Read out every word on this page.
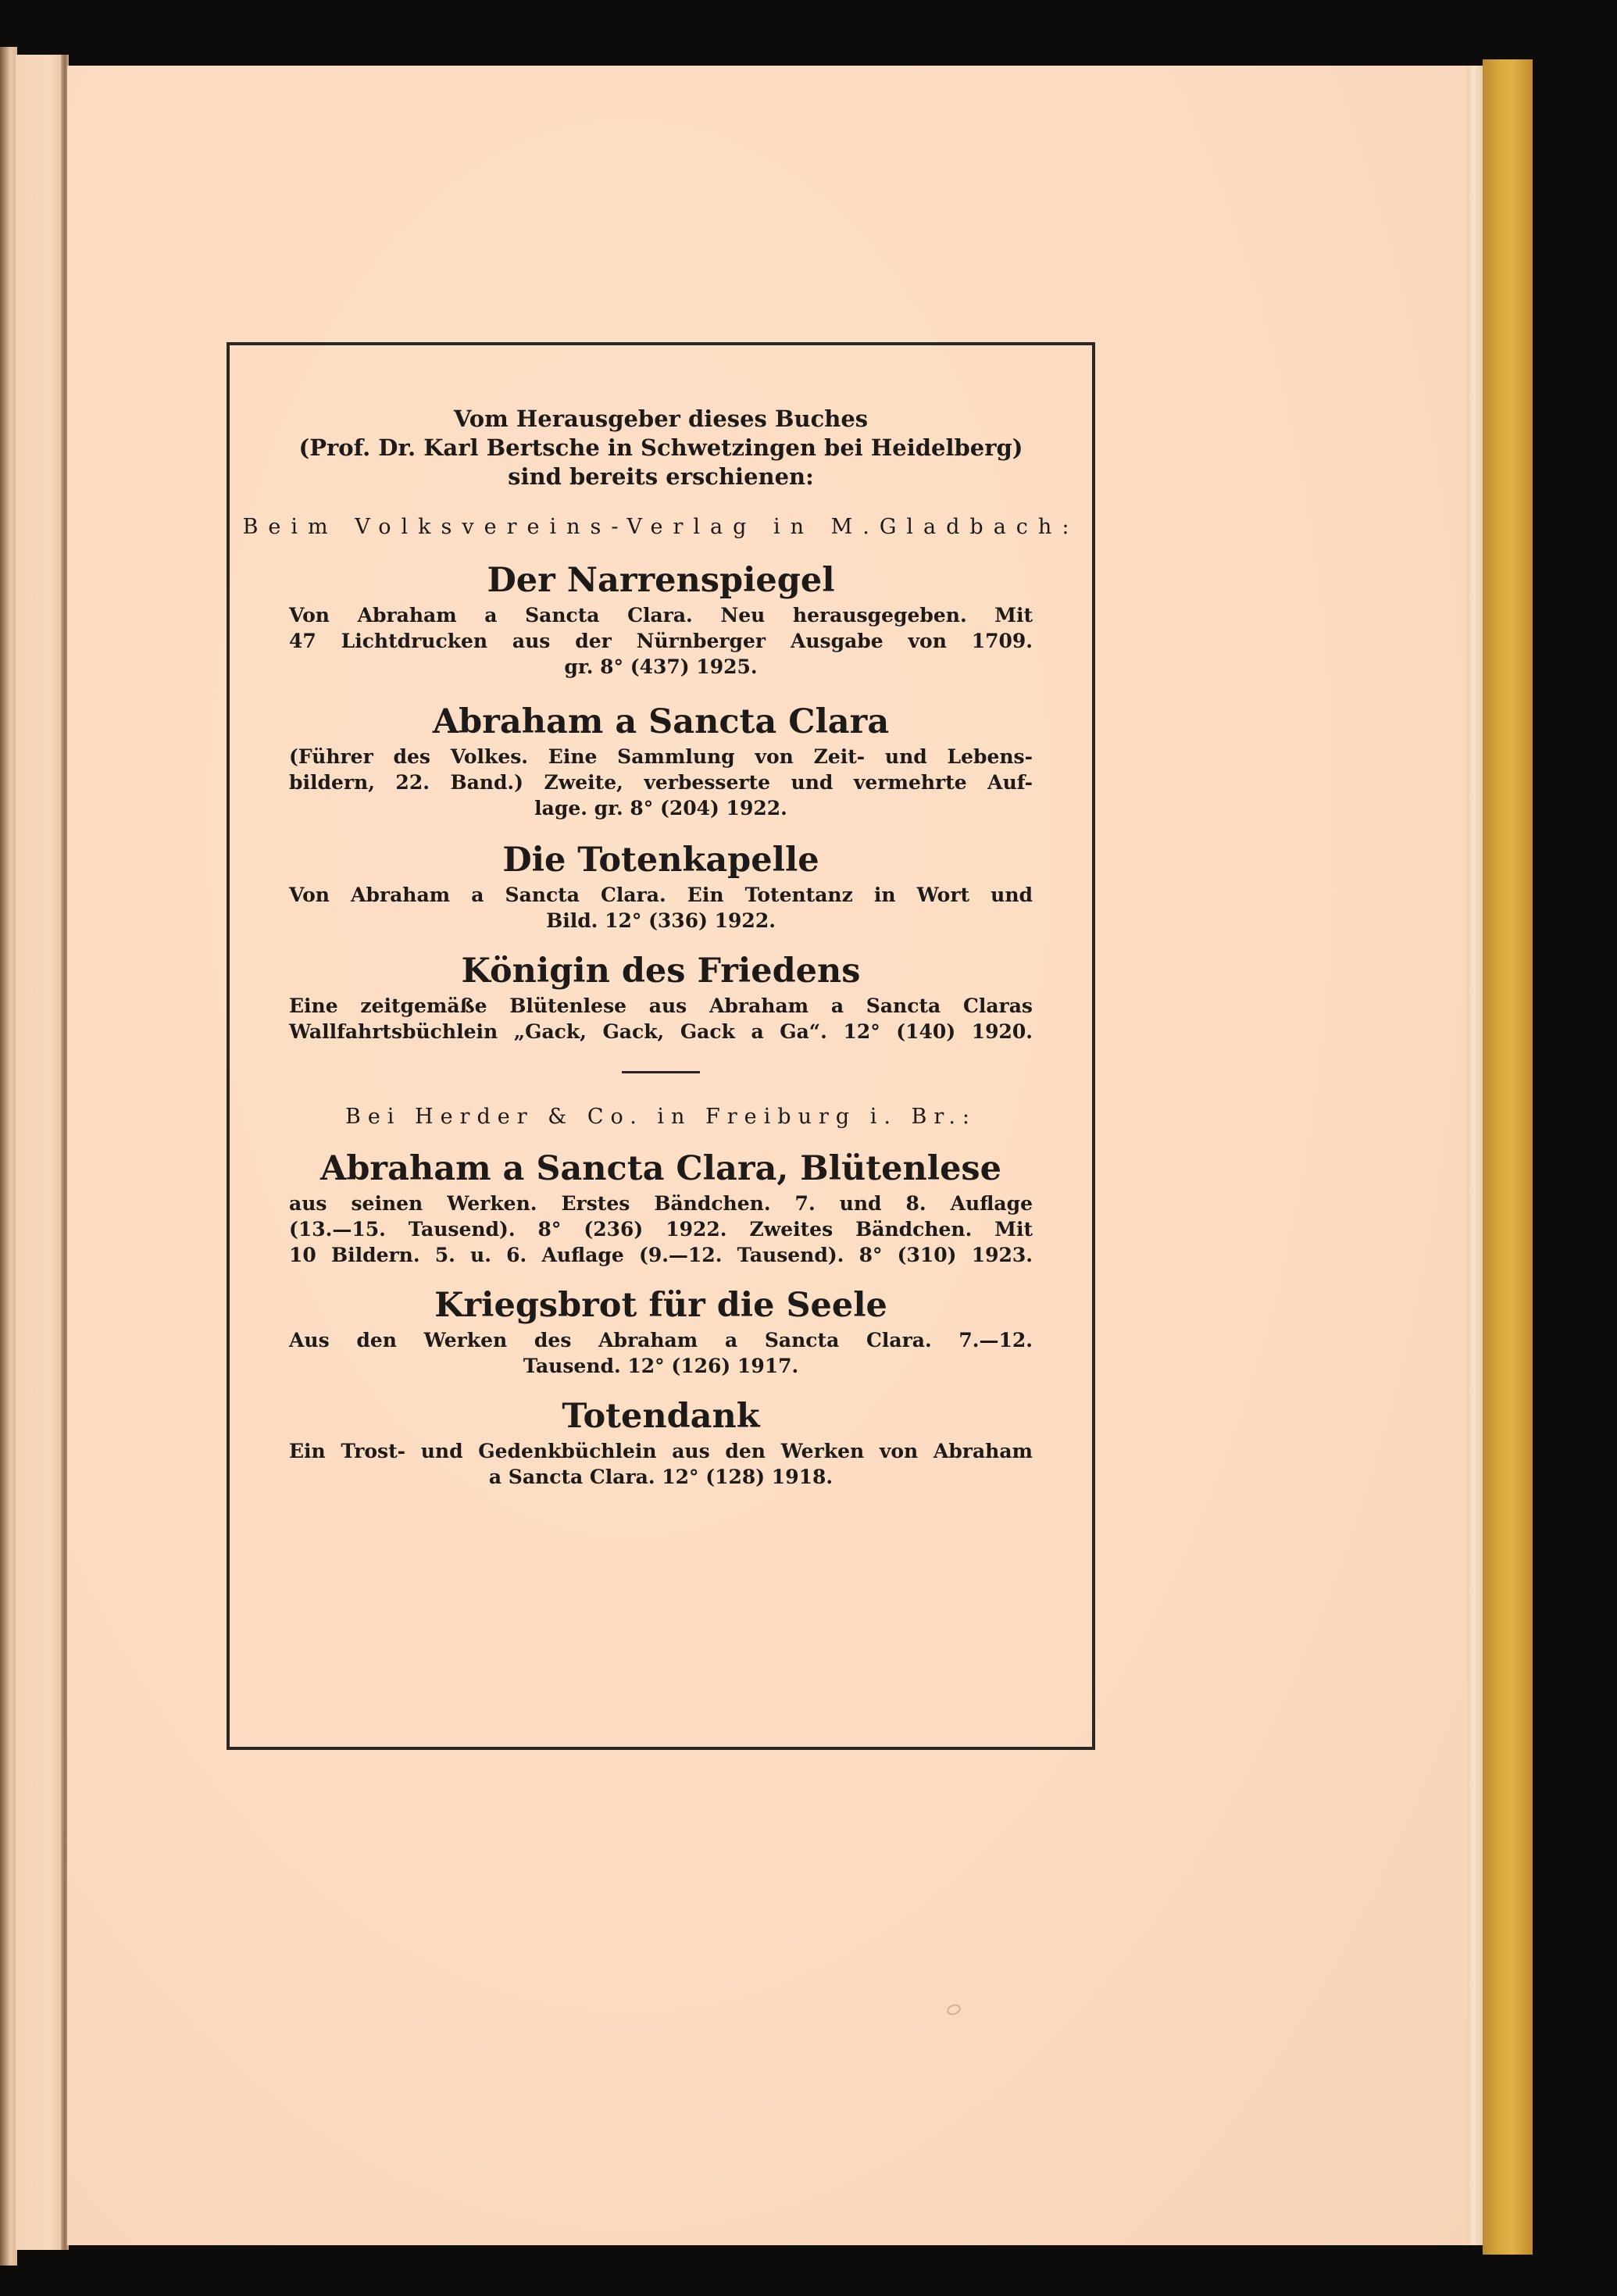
Vom Herausgeber dieses Buches

(Prof. Dr. Karl Bertsche in Schwetzingen bei Heidelberg)

sind bereits erschienen:

Beim Volksvereins-Verlag in M.Gladbach:

Der Narrenspiegel

Von Abraham a Sancta Clara. Neu herausgegeben. Mit

47 Lichtdrucken aus der Nürnberger Ausgabe von 1709.

gr. 8° (437) 1925.

Abraham a Sancta Clara

(Führer des Volkes. Eine Sammlung von Zeit- und Lebens-

bildern, 22. Band.) Zweite, verbesserte und vermehrte Auf-

lage. gr. 8° (204) 1922.

Die Totenkapelle

Von Abraham a Sancta Clara. Ein Totentanz in Wort und

Bild. 12° (336) 1922.

Königin des Friedens

Eine zeitgemäße Blütenlese aus Abraham a Sancta Claras

Wallfahrtsbüchlein „Gack, Gack, Gack a Ga“. 12° (140) 1920.

Bei Herder & Co. in Freiburg i. Br.:

Abraham a Sancta Clara, Blütenlese

aus seinen Werken. Erstes Bändchen. 7. und 8. Auflage

(13.—15. Tausend). 8° (236) 1922. Zweites Bändchen. Mit

10 Bildern. 5. u. 6. Auflage (9.—12. Tausend). 8° (310) 1923.

Kriegsbrot für die Seele

Aus den Werken des Abraham a Sancta Clara. 7.—12.

Tausend. 12° (126) 1917.

Totendank

Ein Trost- und Gedenkbüchlein aus den Werken von Abraham

a Sancta Clara. 12° (128) 1918.
